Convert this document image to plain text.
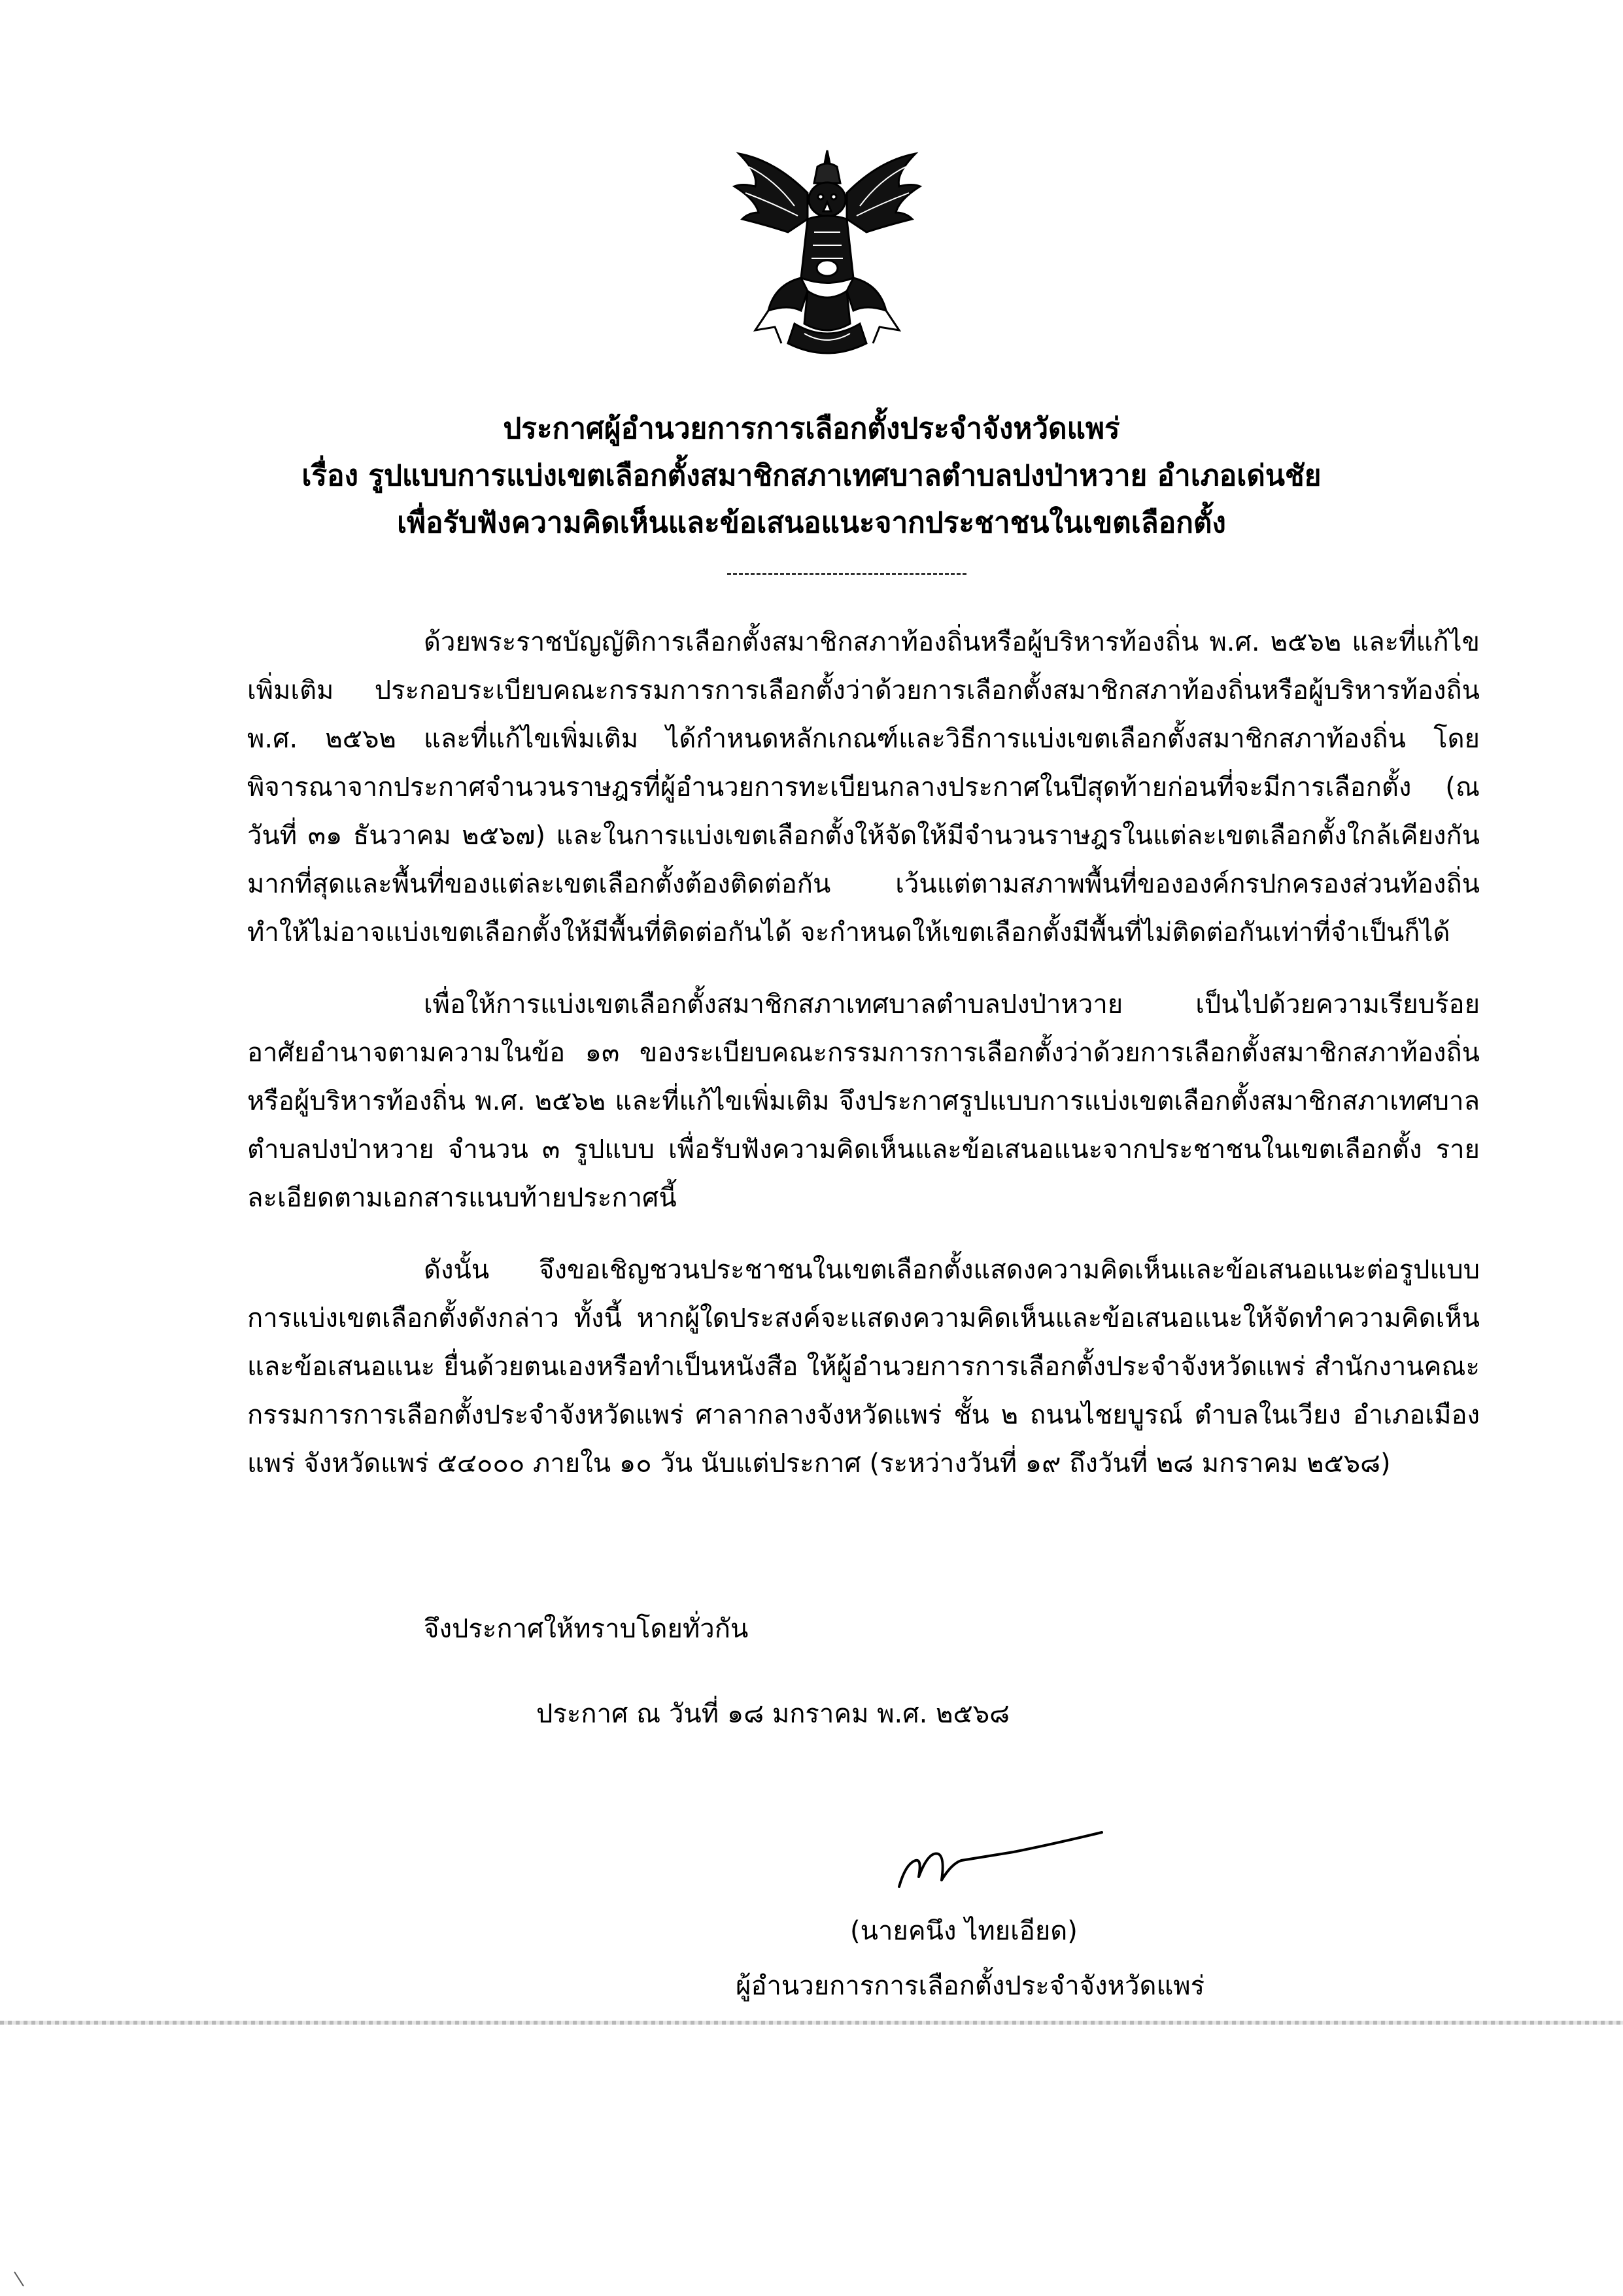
ประกาศผู้อำนวยการการเลือกตั้งประจำจังหวัดแพร่
เรื่อง รูปแบบการแบ่งเขตเลือกตั้งสมาชิกสภาเทศบาลตำบลปงป่าหวาย อำเภอเด่นชัย
เพื่อรับฟังความคิดเห็นและข้อเสนอแนะจากประชาชนในเขตเลือกตั้ง

ด้วยพระราชบัญญัติการเลือกตั้งสมาชิกสภาท้องถิ่นหรือผู้บริหารท้องถิ่น พ.ศ. ๒๕๖๒ และที่แก้ไขเพิ่มเติม ประกอบระเบียบคณะกรรมการการเลือกตั้งว่าด้วยการเลือกตั้งสมาชิกสภาท้องถิ่นหรือผู้บริหารท้องถิ่น พ.ศ. ๒๕๖๒ และที่แก้ไขเพิ่มเติม ได้กำหนดหลักเกณฑ์และวิธีการแบ่งเขตเลือกตั้งสมาชิกสภาท้องถิ่น โดยพิจารณาจากประกาศจำนวนราษฎรที่ผู้อำนวยการทะเบียนกลางประกาศในปีสุดท้ายก่อนที่จะมีการเลือกตั้ง (ณ วันที่ ๓๑ ธันวาคม ๒๕๖๗) และในการแบ่งเขตเลือกตั้งให้จัดให้มีจำนวนราษฎรในแต่ละเขตเลือกตั้งใกล้เคียงกันมากที่สุดและพื้นที่ของแต่ละเขตเลือกตั้งต้องติดต่อกัน เว้นแต่ตามสภาพพื้นที่ขององค์กรปกครองส่วนท้องถิ่นทำให้ไม่อาจแบ่งเขตเลือกตั้งให้มีพื้นที่ติดต่อกันได้ จะกำหนดให้เขตเลือกตั้งมีพื้นที่ไม่ติดต่อกันเท่าที่จำเป็นก็ได้

เพื่อให้การแบ่งเขตเลือกตั้งสมาชิกสภาเทศบาลตำบลปงป่าหวาย เป็นไปด้วยความเรียบร้อย อาศัยอำนาจตามความในข้อ ๑๓ ของระเบียบคณะกรรมการการเลือกตั้งว่าด้วยการเลือกตั้งสมาชิกสภาท้องถิ่นหรือผู้บริหารท้องถิ่น พ.ศ. ๒๕๖๒ และที่แก้ไขเพิ่มเติม จึงประกาศรูปแบบการแบ่งเขตเลือกตั้งสมาชิกสภาเทศบาลตำบลปงป่าหวาย จำนวน ๓ รูปแบบ เพื่อรับฟังความคิดเห็นและข้อเสนอแนะจากประชาชนในเขตเลือกตั้ง รายละเอียดตามเอกสารแนบท้ายประกาศนี้

ดังนั้น จึงขอเชิญชวนประชาชนในเขตเลือกตั้งแสดงความคิดเห็นและข้อเสนอแนะต่อรูปแบบการแบ่งเขตเลือกตั้งดังกล่าว ทั้งนี้ หากผู้ใดประสงค์จะแสดงความคิดเห็นและข้อเสนอแนะให้จัดทำความคิดเห็นและข้อเสนอแนะ ยื่นด้วยตนเองหรือทำเป็นหนังสือ ให้ผู้อำนวยการการเลือกตั้งประจำจังหวัดแพร่ สำนักงานคณะกรรมการการเลือกตั้งประจำจังหวัดแพร่ ศาลากลางจังหวัดแพร่ ชั้น ๒ ถนนไชยบูรณ์ ตำบลในเวียง อำเภอเมืองแพร่ จังหวัดแพร่ ๕๔๐๐๐ ภายใน ๑๐ วัน นับแต่ประกาศ (ระหว่างวันที่ ๑๙ ถึงวันที่ ๒๘ มกราคม ๒๕๖๘)

จึงประกาศให้ทราบโดยทั่วกัน
ประกาศ ณ วันที่ ๑๘ มกราคม พ.ศ. ๒๕๖๘
(นายคนึง ไทยเอียด)
ผู้อำนวยการการเลือกตั้งประจำจังหวัดแพร่
